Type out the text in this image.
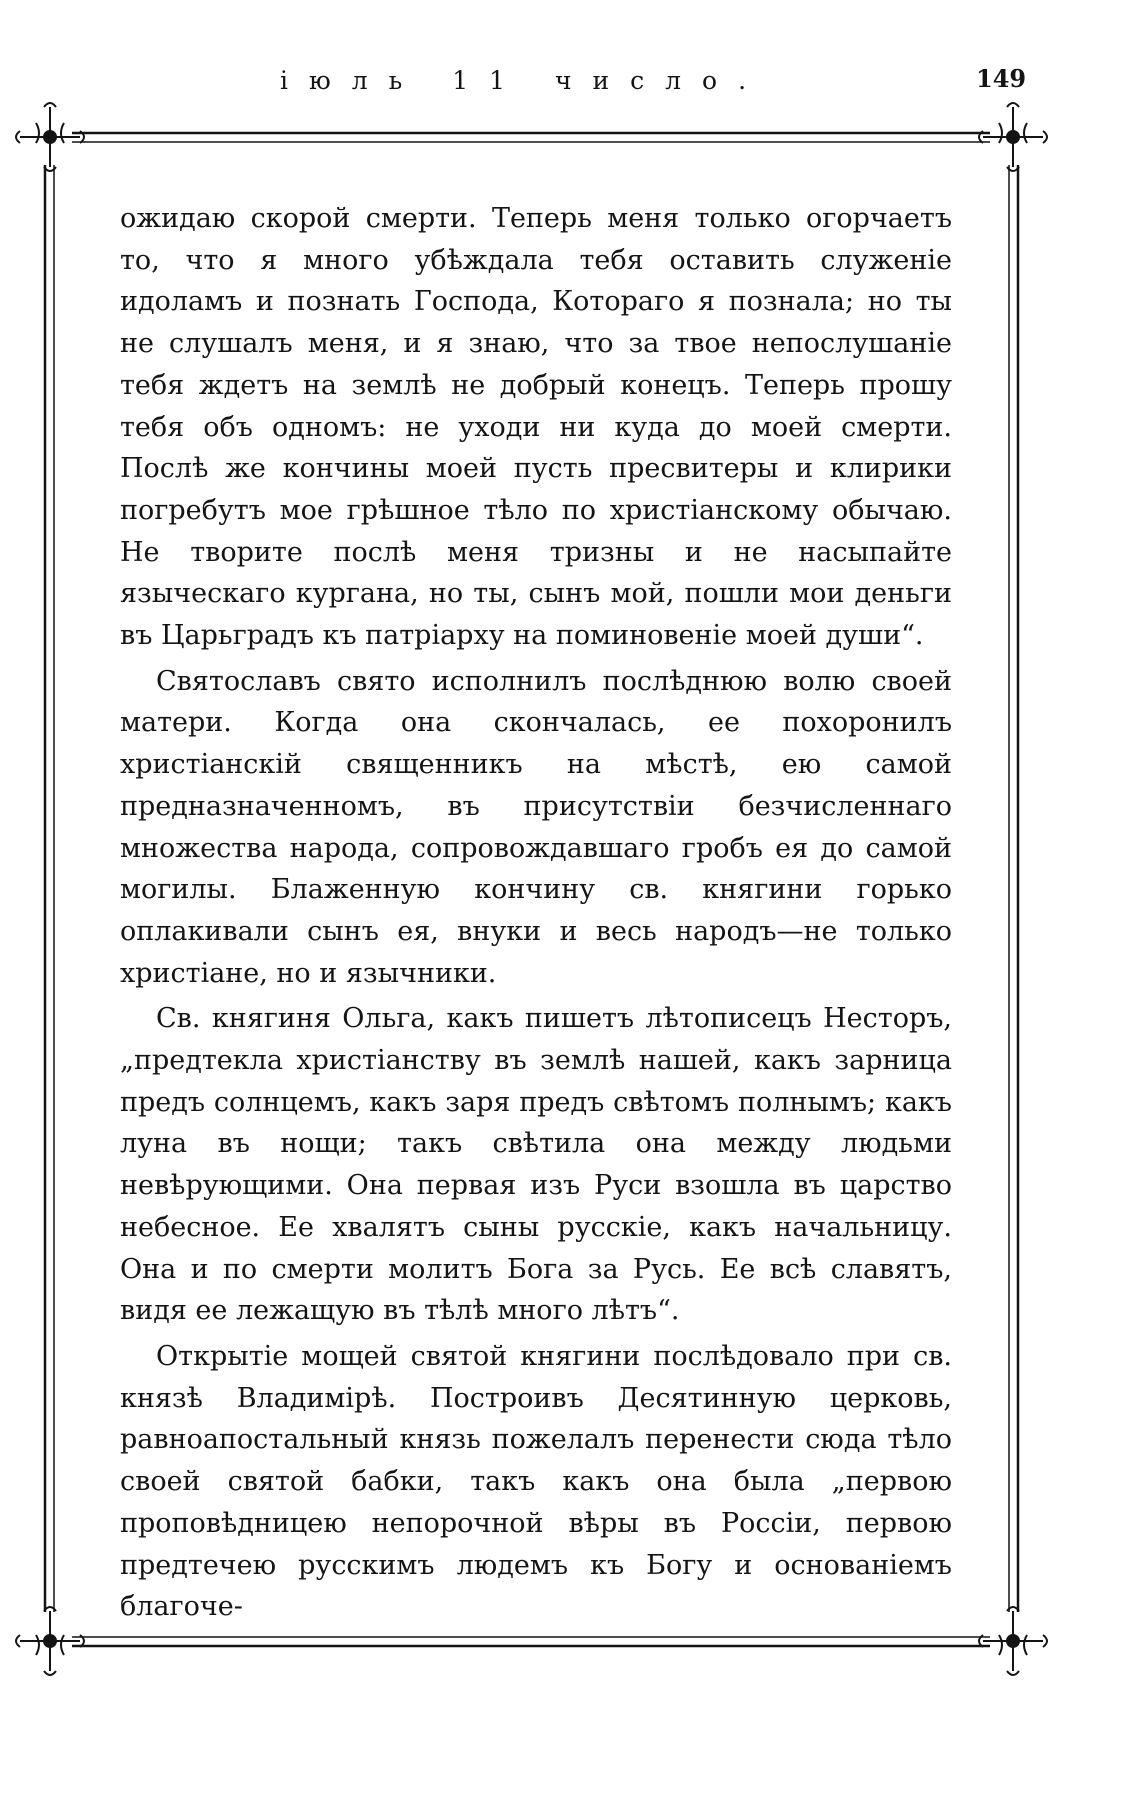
іюль 11 число.	149

ожидаю скорой смерти. Теперь меня только огорчаетъ то, что я много убѣждала тебя оставить служеніе идоламъ и познать Господа, Котораго я познала; но ты не слушалъ меня, и я знаю, что за твое непослушаніе тебя ждетъ на землѣ не добрый конецъ. Теперь прошу тебя объ одномъ: не уходи ни куда до моей смерти. Послѣ же кончины моей пусть пресвитеры и клирики погребутъ мое грѣшное тѣло по христіанскому обычаю. Не творите послѣ меня тризны и не насыпайте языческаго кургана, но ты, сынъ мой, пошли мои деньги въ Царьградъ къ патріарху на поминовеніе моей души“.

Святославъ свято исполнилъ послѣднюю волю своей матери. Когда она скончалась, ее похоронилъ христіанскій священникъ на мѣстѣ, ею самой предназначенномъ, въ присутствіи безчисленнаго множества народа, сопровождавшаго гробъ ея до самой могилы. Блаженную кончину св. княгини горько оплакивали сынъ ея, внуки и весь народъ—не только христіане, но и язычники.

Св. княгиня Ольга, какъ пишетъ лѣтописецъ Несторъ, „предтекла христіанству въ землѣ нашей, какъ зарница предъ солнцемъ, какъ заря предъ свѣтомъ полнымъ; какъ луна въ нощи; такъ свѣтила она между людьми невѣрующими. Она первая изъ Руси взошла въ царство небесное. Ее хвалятъ сыны русскіе, какъ начальницу. Она и по смерти молитъ Бога за Русь. Ее всѣ славятъ, видя ее лежащую въ тѣлѣ много лѣтъ“.

Открытіе мощей святой княгини послѣдовало при св. князѣ Владимірѣ. Построивъ Десятинную церковь, равноапостальный князь пожелалъ перенести сюда тѣло своей святой бабки, такъ какъ она была „первою проповѣдницею непорочной вѣры въ Россіи, первою предтечею русскимъ людемъ къ Богу и основаніемъ благоче-
